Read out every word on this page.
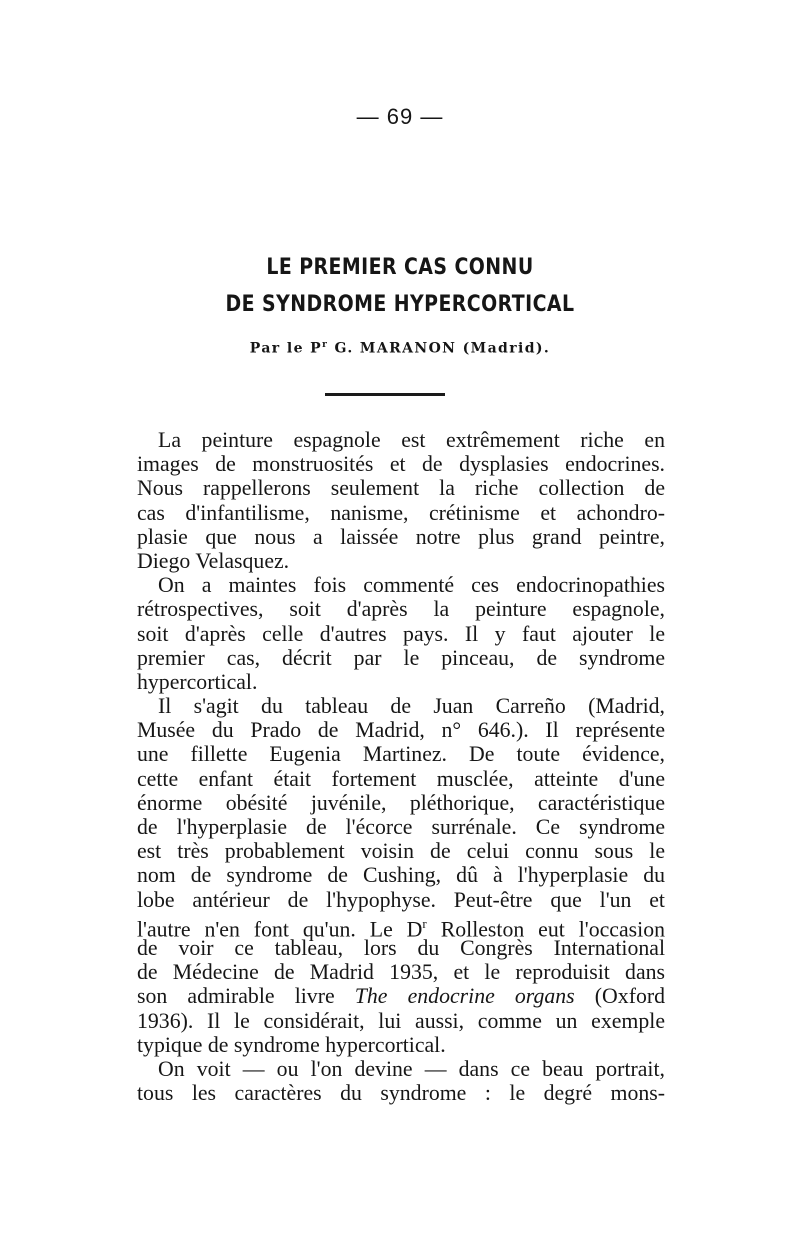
— 69 —
LE PREMIER CAS CONNU
DE SYNDROME HYPERCORTICAL
Par le $P^r$ G. MARANON (Madrid).
La peinture espagnole est extrêmement riche en
images de monstruosités et de dysplasies endocrines.
Nous rappellerons seulement la riche collection de
cas d'infantilisme, nanisme, crétinisme et achondro-
plasie que nous a laissée notre plus grand peintre,
Diego Velasquez.
On a maintes fois commenté ces endocrinopathies
rétrospectives, soit d'après la peinture espagnole,
soit d'après celle d'autres pays. Il y faut ajouter le
premier cas, décrit par le pinceau, de syndrome
hypercortical.
Il s'agit du tableau de Juan Carreño (Madrid,
Musée du Prado de Madrid, n° 646.). Il représente
une fillette Eugenia Martinez. De toute évidence,
cette enfant était fortement musclée, atteinte d'une
énorme obésité juvénile, pléthorique, caractéristique
de l'hyperplasie de l'écorce surrénale. Ce syndrome
est très probablement voisin de celui connu sous le
nom de syndrome de Cushing, dû à l'hyperplasie du
lobe antérieur de l'hypophyse. Peut-être que l'un et
l'autre n'en font qu'un. Le $D^r$ Rolleston eut l'occasion
de voir ce tableau, lors du Congrès International
de Médecine de Madrid 1935, et le reproduisit dans
son admirable livre The endocrine organs (Oxford
1936). Il le considérait, lui aussi, comme un exemple
typique de syndrome hypercortical.
On voit — ou l'on devine — dans ce beau portrait,
tous les caractères du syndrome : le degré mons-
